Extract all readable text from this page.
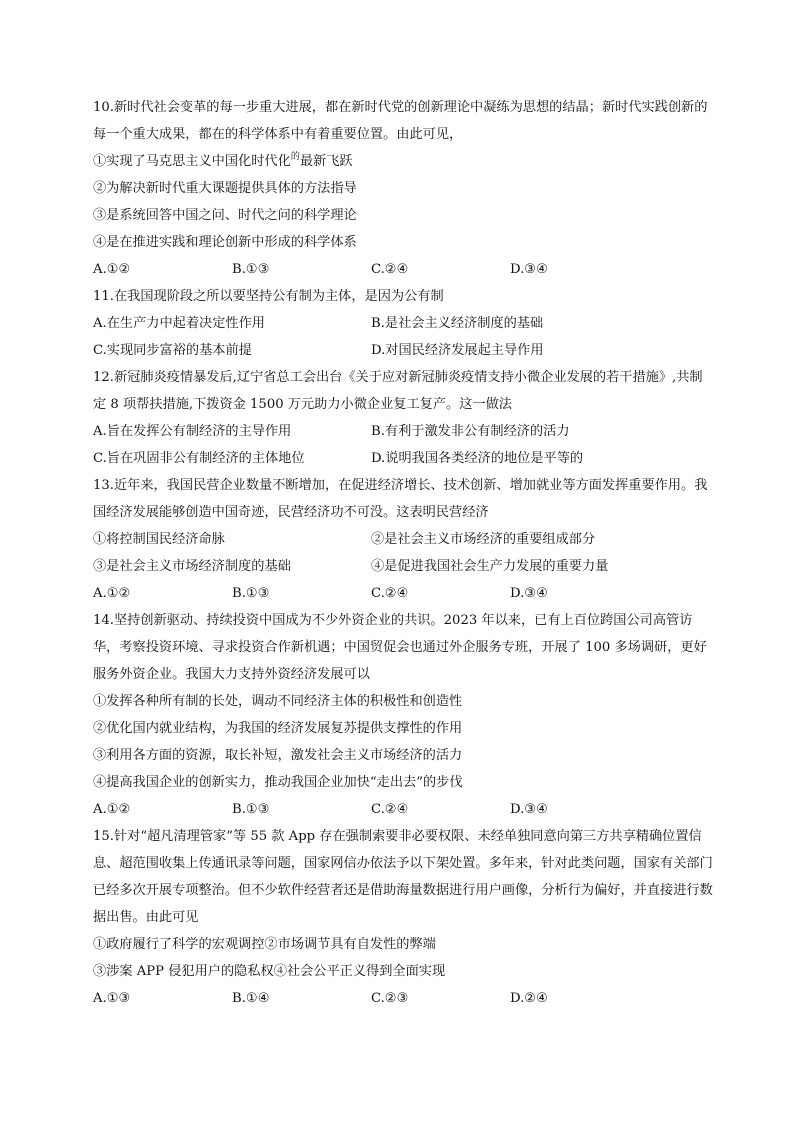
10.新时代社会变革的每一步重大进展，都在新时代党的创新理论中凝练为思想的结晶；新时代实践创新的每一个重大成果，都在的科学体系中有着重要位置。由此可见，

①实现了马克思主义中国化时代化$^的$最新飞跃

②为解决新时代重大课题提供具体的方法指导

③是系统回答中国之问、时代之问的科学理论

④是在推进实践和理论创新中形成的科学体系

A.①②	B.①③	C.②④	D.③④

11.在我国现阶段之所以要坚持公有制为主体，是因为公有制

A.在生产力中起着决定性作用	B.是社会主义经济制度的基础
C.实现同步富裕的基本前提	D.对国民经济发展起主导作用

12.新冠肺炎疫情暴发后,辽宁省总工会出台《关于应对新冠肺炎疫情支持小微企业发展的若干措施》,共制定 8 项帮扶措施,下拨资金 1500 万元助力小微企业复工复产。这一做法

A.旨在发挥公有制经济的主导作用	B.有利于激发非公有制经济的活力
C.旨在巩固非公有制经济的主体地位	D.说明我国各类经济的地位是平等的

13.近年来，我国民营企业数量不断增加，在促进经济增长、技术创新、增加就业等方面发挥重要作用。我国经济发展能够创造中国奇迹，民营经济功不可没。这表明民营经济

①将控制国民经济命脉	②是社会主义市场经济的重要组成部分
③是社会主义市场经济制度的基础	④是促进我国社会生产力发展的重要力量
A.①②	B.①③	C.②④	D.③④

14.坚持创新驱动、持续投资中国成为不少外资企业的共识。2023 年以来，已有上百位跨国公司高管访华，考察投资环境、寻求投资合作新机遇；中国贸促会也通过外企服务专班，开展了 100 多场调研，更好服务外资企业。我国大力支持外资经济发展可以

①发挥各种所有制的长处，调动不同经济主体的积极性和创造性

②优化国内就业结构，为我国的经济发展复苏提供支撑性的作用

③利用各方面的资源，取长补短，激发社会主义市场经济的活力

④提高我国企业的创新实力，推动我国企业加快“走出去”的步伐

A.①②	B.①③	C.②④	D.③④

15.针对“超凡清理管家”等 55 款 App 存在强制索要非必要权限、未经单独同意向第三方共享精确位置信息、超范围收集上传通讯录等问题，国家网信办依法予以下架处置。多年来，针对此类问题，国家有关部门已经多次开展专项整治。但不少软件经营者还是借助海量数据进行用户画像，分析行为偏好，并直接进行数据出售。由此可见

①政府履行了科学的宏观调控②市场调节具有自发性的弊端

③涉案 APP 侵犯用户的隐私权④社会公平正义得到全面实现

A.①③	B.①④	C.②③	D.②④
